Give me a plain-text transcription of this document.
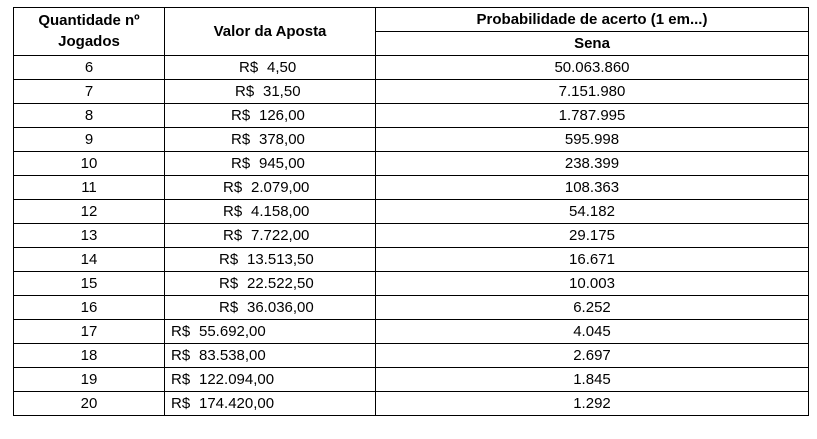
Quantidade nº Jogados	Valor da Aposta	Probabilidade de acerto (1 em...)
		Sena
6	R$ 4,50	50.063.860
7	R$ 31,50	7.151.980
8	R$ 126,00	1.787.995
9	R$ 378,00	595.998
10	R$ 945,00	238.399
11	R$ 2.079,00	108.363
12	R$ 4.158,00	54.182
13	R$ 7.722,00	29.175
14	R$ 13.513,50	16.671
15	R$ 22.522,50	10.003
16	R$ 36.036,00	6.252
17	R$ 55.692,00	4.045
18	R$ 83.538,00	2.697
19	R$ 122.094,00	1.845
20	R$ 174.420,00	1.292
